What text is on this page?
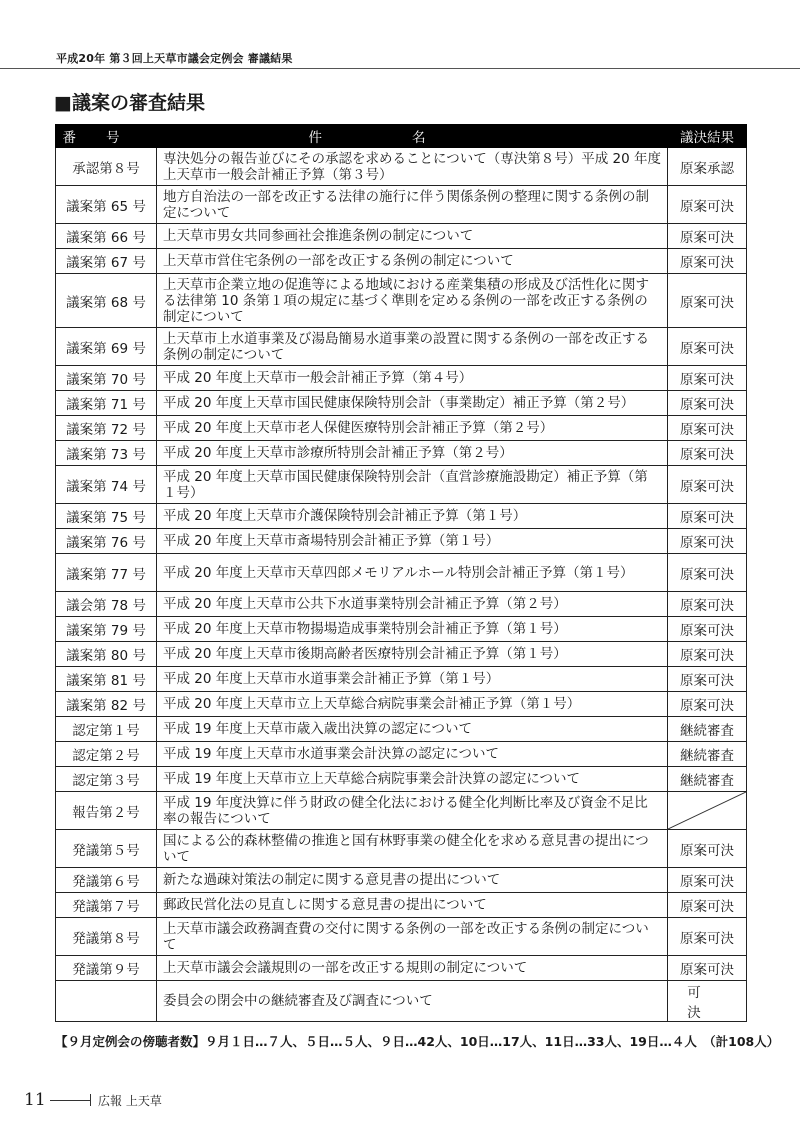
平成20年 第３回上天草市議会定例会 審議結果
■議案の審査結果
番号	件名	議決結果
承認第８号	専決処分の報告並びにその承認を求めることについて（専決第８号）平成 20 年度上天草市一般会計補正予算（第３号）	原案承認
議案第 65 号	地方自治法の一部を改正する法律の施行に伴う関係条例の整理に関する条例の制定について	原案可決
議案第 66 号	上天草市男女共同参画社会推進条例の制定について	原案可決
議案第 67 号	上天草市営住宅条例の一部を改正する条例の制定について	原案可決
議案第 68 号	上天草市企業立地の促進等による地域における産業集積の形成及び活性化に関する法律第 10 条第１項の規定に基づく準則を定める条例の一部を改正する条例の制定について	原案可決
議案第 69 号	上天草市上水道事業及び湯島簡易水道事業の設置に関する条例の一部を改正する条例の制定について	原案可決
議案第 70 号	平成 20 年度上天草市一般会計補正予算（第４号）	原案可決
議案第 71 号	平成 20 年度上天草市国民健康保険特別会計（事業勘定）補正予算（第２号）	原案可決
議案第 72 号	平成 20 年度上天草市老人保健医療特別会計補正予算（第２号）	原案可決
議案第 73 号	平成 20 年度上天草市診療所特別会計補正予算（第２号）	原案可決
議案第 74 号	平成 20 年度上天草市国民健康保険特別会計（直営診療施設勘定）補正予算（第１号）	原案可決
議案第 75 号	平成 20 年度上天草市介護保険特別会計補正予算（第１号）	原案可決
議案第 76 号	平成 20 年度上天草市斎場特別会計補正予算（第１号）	原案可決
議案第 77 号	平成 20 年度上天草市天草四郎メモリアルホール特別会計補正予算（第１号）	原案可決
議会第 78 号	平成 20 年度上天草市公共下水道事業特別会計補正予算（第２号）	原案可決
議案第 79 号	平成 20 年度上天草市物揚場造成事業特別会計補正予算（第１号）	原案可決
議案第 80 号	平成 20 年度上天草市後期高齢者医療特別会計補正予算（第１号）	原案可決
議案第 81 号	平成 20 年度上天草市水道事業会計補正予算（第１号）	原案可決
議案第 82 号	平成 20 年度上天草市立上天草総合病院事業会計補正予算（第１号）	原案可決
認定第１号	平成 19 年度上天草市歳入歳出決算の認定について	継続審査
認定第２号	平成 19 年度上天草市水道事業会計決算の認定について	継続審査
認定第３号	平成 19 年度上天草市立上天草総合病院事業会計決算の認定について	継続審査
報告第２号	平成 19 年度決算に伴う財政の健全化法における健全化判断比率及び資金不足比率の報告について	

発議第５号	国による公的森林整備の推進と国有林野事業の健全化を求める意見書の提出について	原案可決
発議第６号	新たな過疎対策法の制定に関する意見書の提出について	原案可決
発議第７号	郵政民営化法の見直しに関する意見書の提出について	原案可決
発議第８号	上天草市議会政務調査費の交付に関する条例の一部を改正する条例の制定について	原案可決
発議第９号	上天草市議会会議規則の一部を改正する規則の制定について	原案可決
	委員会の閉会中の継続審査及び調査について	可決
【９月定例会の傍聴者数】９月１日…７人、５日…５人、９日…42人、10日…17人、11日…33人、19日…４人　（計108人）
11	広報 上天草
